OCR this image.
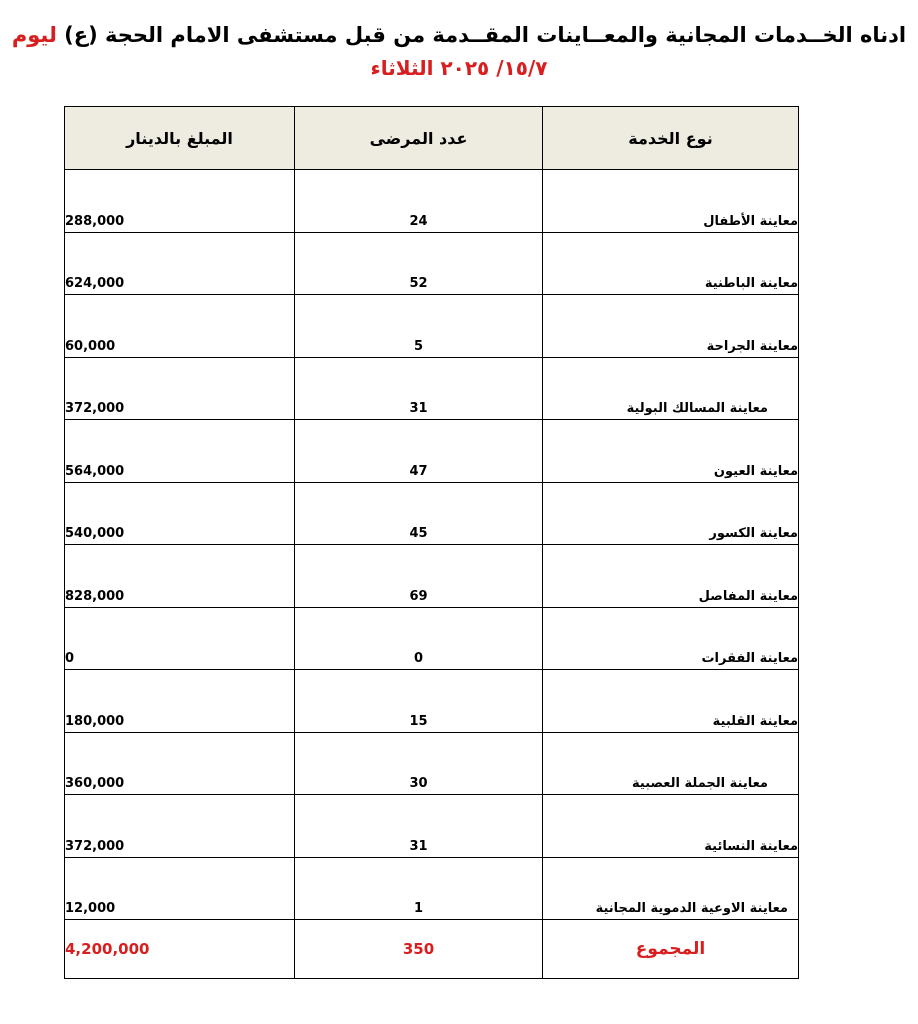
ادناه الخــدمات المجانية والمعــاينات المقــدمة من قبل مستشفى الامام الحجة (ع) ليوم
١٥/٧/ ٢٠٢٥ الثلاثاء
المبلغ بالدينار	عدد المرضى	نوع الخدمة
288,000	24	معاينة الأطفال
624,000	52	معاينة الباطنية
60,000	5	معاينة الجراحة
372,000	31	معاينة المسالك البولية
564,000	47	معاينة العيون
540,000	45	معاينة الكسور
828,000	69	معاينة المفاصل
0	0	معاينة الفقرات
180,000	15	معاينة القلبية
360,000	30	معاينة الجملة العصبية
372,000	31	معاينة النسائية
12,000	1	معاينة الاوعية الدموية المجانية
4,200,000	350	المجموع
